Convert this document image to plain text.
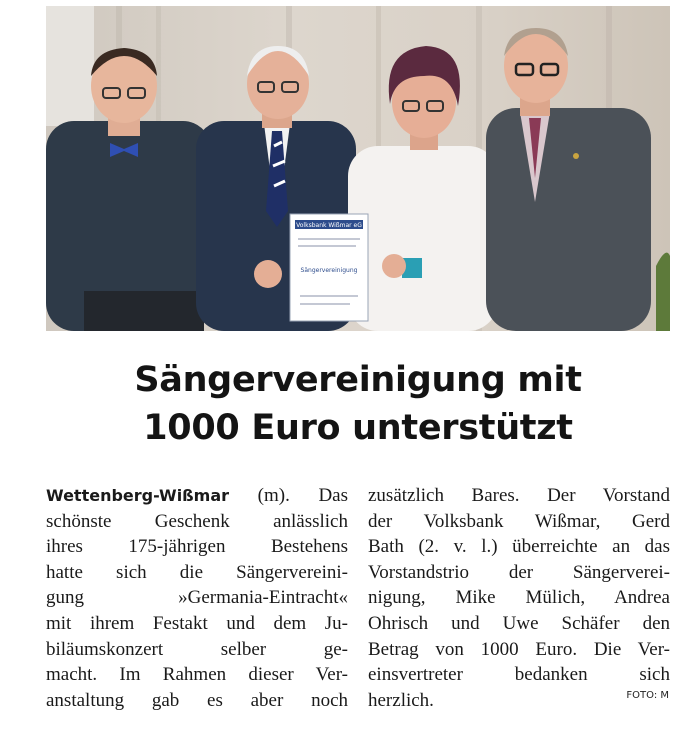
Volksbank Wißmar eG
Sängervereinigung
Sängervereinigung mit
1000 Euro unterstützt
Wettenberg-Wißmar (m). Das
schönste Geschenk anlässlich
ihres 175-jährigen Bestehens
hatte sich die Sängervereini-
gung »Germania-Eintracht«
mit ihrem Festakt und dem Ju-
biläumskonzert selber ge-
macht. Im Rahmen dieser Ver-
anstaltung gab es aber noch
zusätzlich Bares. Der Vorstand
der Volksbank Wißmar, Gerd
Bath (2. v. l.) überreichte an das
Vorstandstrio der Sängerverei-
nigung, Mike Mülich, Andrea
Ohrisch und Uwe Schäfer den
Betrag von 1000 Euro. Die Ver-
einsvertreter bedanken sich
herzlich.	FOTO: M
